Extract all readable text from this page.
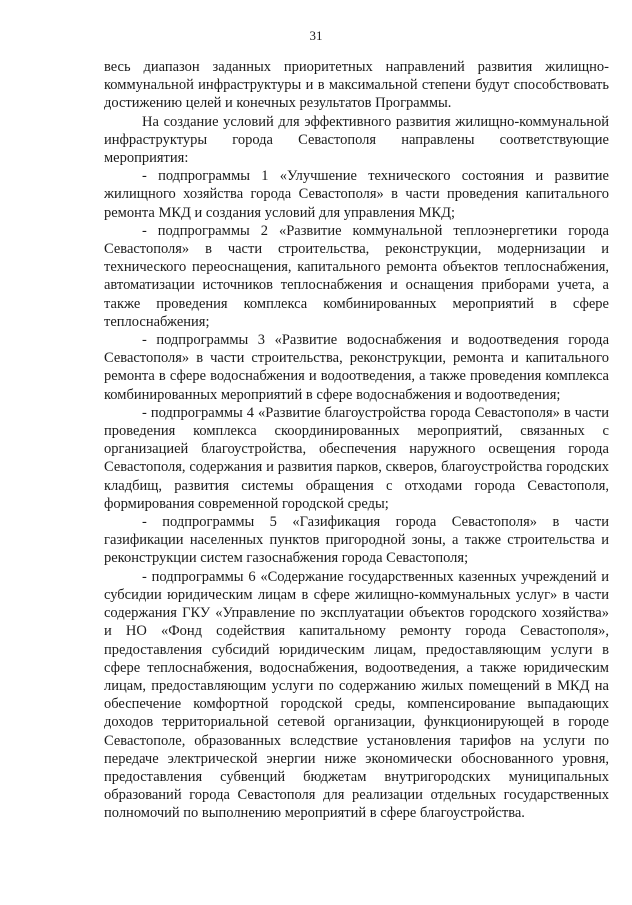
31

весь диапазон заданных приоритетных направлений развития жилищно-коммунальной инфраструктуры и в максимальной степени будут способствовать достижению целей и конечных результатов Программы.

На создание условий для эффективного развития жилищно-коммунальной инфраструктуры города Севастополя направлены соответствующие мероприятия:

- подпрограммы 1 «Улучшение технического состояния и развитие жилищного хозяйства города Севастополя» в части проведения капитального ремонта МКД и создания условий для управления МКД;

- подпрограммы 2 «Развитие коммунальной теплоэнергетики города Севастополя» в части строительства, реконструкции, модернизации и технического переоснащения, капитального ремонта объектов теплоснабжения, автоматизации источников теплоснабжения и оснащения приборами учета, а также проведения комплекса комбинированных мероприятий в сфере теплоснабжения;

- подпрограммы 3 «Развитие водоснабжения и водоотведения города Севастополя» в части строительства, реконструкции, ремонта и капитального ремонта в сфере водоснабжения и водоотведения, а также проведения комплекса комбинированных мероприятий в сфере водоснабжения и водоотведения;

- подпрограммы 4 «Развитие благоустройства города Севастополя» в части проведения комплекса скоординированных мероприятий, связанных с организацией благоустройства, обеспечения наружного освещения города Севастополя, содержания и развития парков, скверов, благоустройства городских кладбищ, развития системы обращения с отходами города Севастополя, формирования современной городской среды;

- подпрограммы 5 «Газификация города Севастополя» в части газификации населенных пунктов пригородной зоны, а также строительства и реконструкции систем газоснабжения города Севастополя;

- подпрограммы 6 «Содержание государственных казенных учреждений и субсидии юридическим лицам в сфере жилищно-коммунальных услуг» в части содержания ГКУ «Управление по эксплуатации объектов городского хозяйства» и НО «Фонд содействия капитальному ремонту города Севастополя», предоставления субсидий юридическим лицам, предоставляющим услуги в сфере теплоснабжения, водоснабжения, водоотведения, а также юридическим лицам, предоставляющим услуги по содержанию жилых помещений в МКД на обеспечение комфортной городской среды, компенсирование выпадающих доходов территориальной сетевой организации, функционирующей в городе Севастополе, образованных вследствие установления тарифов на услуги по передаче электрической энергии ниже экономически обоснованного уровня, предоставления субвенций бюджетам внутригородских муниципальных образований города Севастополя для реализации отдельных государственных полномочий по выполнению мероприятий в сфере благоустройства.
